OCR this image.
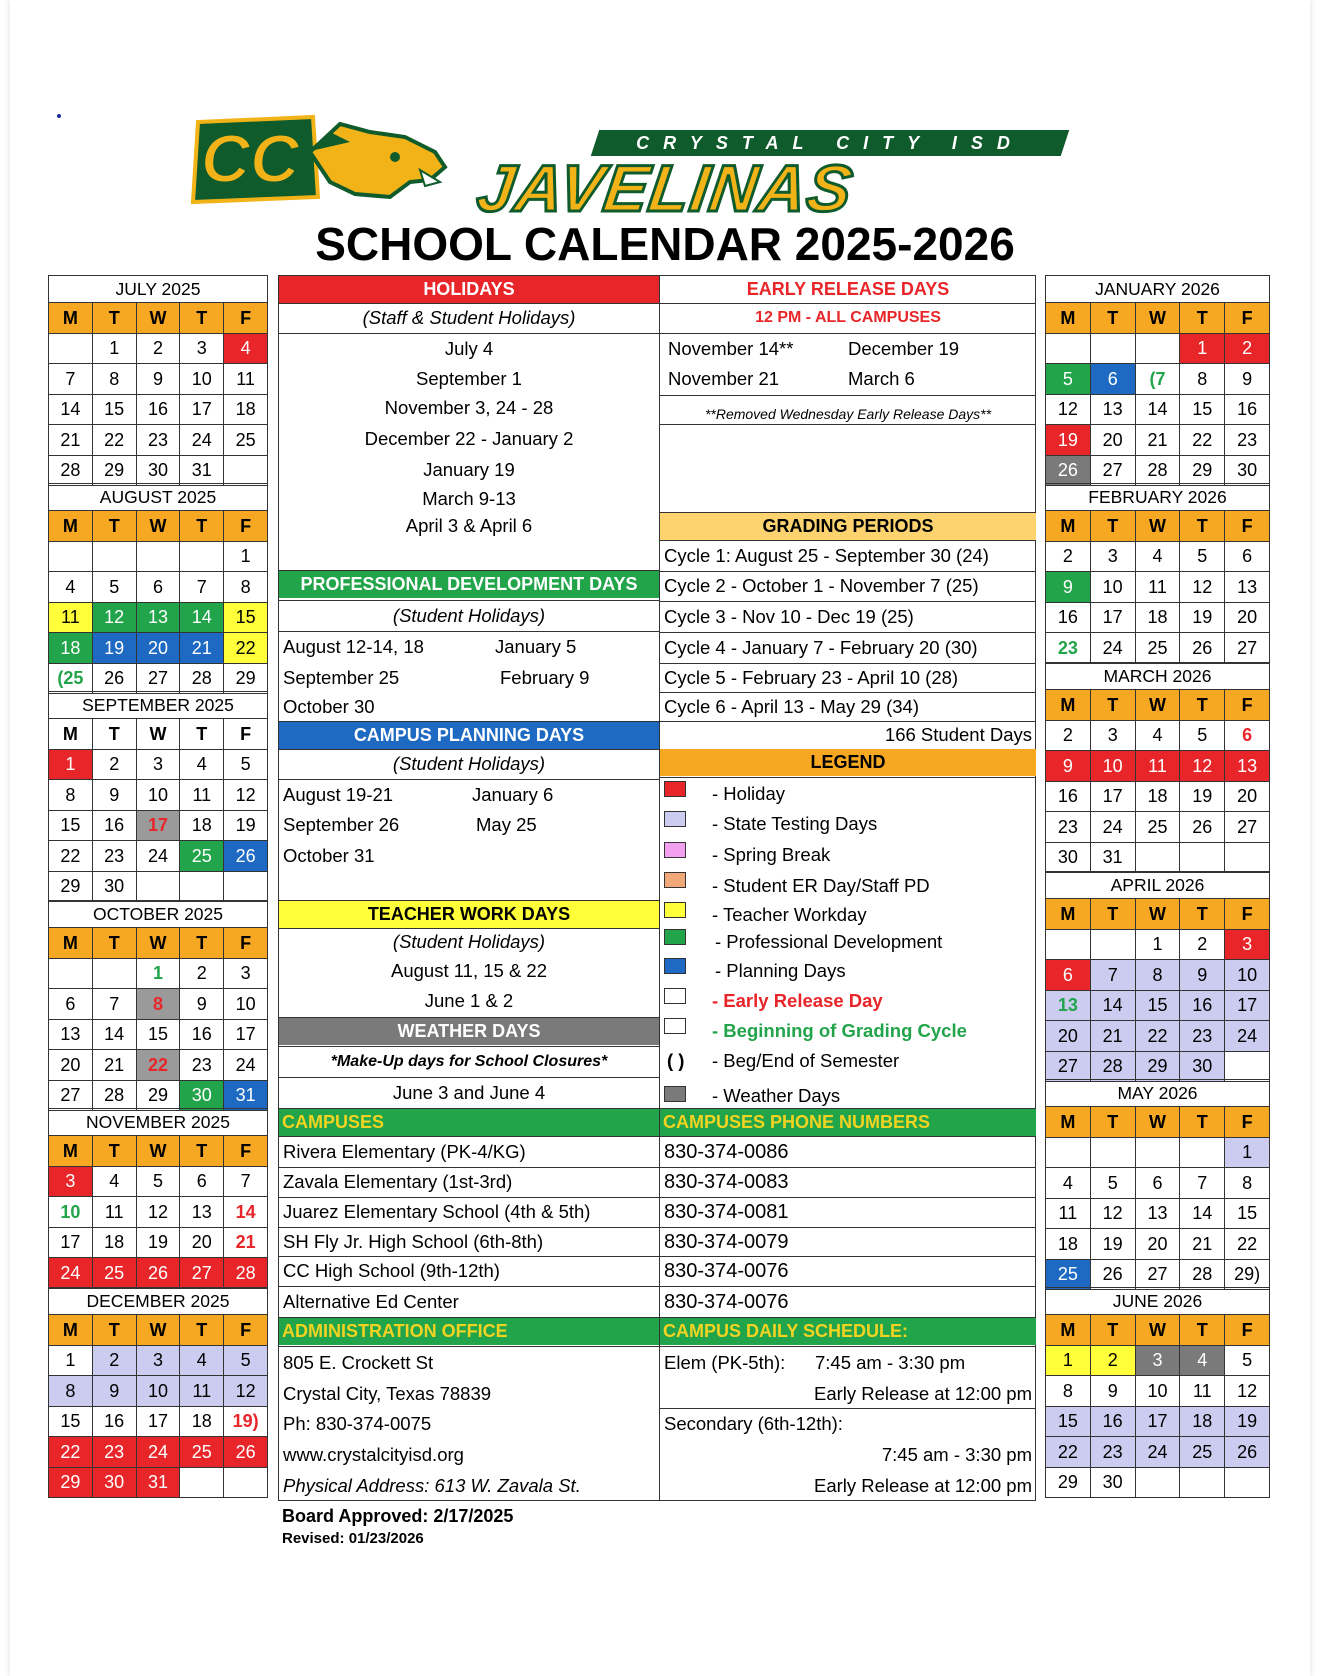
CC	CRYSTAL CITY ISD
JAVELINAS
SCHOOL CALENDAR 2025-2026
JULY 2025				
M	T	W	T	F
	1	2	3	4
7	8	9	10	11
14	15	16	17	18
21	22	23	24	25
28	29	30	31	
AUGUST 2025				
M	T	W	T	F
				1
4	5	6	7	8
11	12	13	14	15
18	19	20	21	22
(25	26	27	28	29
SEPTEMBER 2025				
M	T	W	T	F
1	2	3	4	5
8	9	10	11	12
15	16	17	18	19
22	23	24	25	26
29	30			
OCTOBER 2025				
M	T	W	T	F
		1	2	3
6	7	8	9	10
13	14	15	16	17
20	21	22	23	24
27	28	29	30	31
NOVEMBER 2025				
M	T	W	T	F
3	4	5	6	7
10	11	12	13	14
17	18	19	20	21
24	25	26	27	28
DECEMBER 2025				
M	T	W	T	F
1	2	3	4	5
8	9	10	11	12
15	16	17	18	19)
22	23	24	25	26
29	30	31		
JANUARY 2026				
M	T	W	T	F
			1	2
5	6	(7	8	9
12	13	14	15	16
19	20	21	22	23
26	27	28	29	30
FEBRUARY 2026				
M	T	W	T	F
2	3	4	5	6
9	10	11	12	13
16	17	18	19	20
23	24	25	26	27
MARCH 2026				
M	T	W	T	F
2	3	4	5	6
9	10	11	12	13
16	17	18	19	20
23	24	25	26	27
30	31			
APRIL 2026				
M	T	W	T	F
		1	2	3
6	7	8	9	10
13	14	15	16	17
20	21	22	23	24
27	28	29	30	
MAY 2026				
M	T	W	T	F
				1
4	5	6	7	8
11	12	13	14	15
18	19	20	21	22
25	26	27	28	29)
JUNE 2026				
M	T	W	T	F
1	2	3	4	5
8	9	10	11	12
15	16	17	18	19
22	23	24	25	26
29	30			
HOLIDAYS
(Staff & Student Holidays)
July 4
September 1
November 3, 24 - 28
December 22 - January 2
January 19
March 9-13
April 3 & April 6
EARLY RELEASE DAYS
12 PM - ALL CAMPUSES
November 14**	December 19
November 21	March 6
**Removed Wednesday Early Release Days**
GRADING PERIODS
Cycle 1: August 25 - September 30 (24)
Cycle 2 - October 1 - November 7 (25)
Cycle 3 - Nov 10 - Dec 19 (25)
Cycle 4 - January 7 - February 20 (30)
Cycle 5 - February 23 - April 10 (28)
Cycle 6 - April 13 - May 29 (34)
166 Student Days
PROFESSIONAL DEVELOPMENT DAYS
(Student Holidays)
August 12-14, 18	January 5
September 25	February 9
October 30
CAMPUS PLANNING DAYS
(Student Holidays)
August 19-21	January 6
September 26	May 25
October 31
LEGEND
- Holiday
- State Testing Days
- Spring Break
- Student ER Day/Staff PD
- Teacher Workday
- Professional Development
- Planning Days
- Early Release Day
- Beginning of Grading Cycle
( ) - Beg/End of Semester
- Weather Days
TEACHER WORK DAYS
(Student Holidays)
August 11, 15 & 22
June 1 & 2
WEATHER DAYS
*Make-Up days for School Closures*
June 3 and June 4
CAMPUSES	CAMPUSES PHONE NUMBERS
Rivera Elementary (PK-4/KG)	830-374-0086
Zavala Elementary (1st-3rd)	830-374-0083
Juarez Elementary School (4th & 5th)	830-374-0081
SH Fly Jr. High School (6th-8th)	830-374-0079
CC High School (9th-12th)	830-374-0076
Alternative Ed Center	830-374-0076
ADMINISTRATION OFFICE	CAMPUS DAILY SCHEDULE:
805 E. Crockett St
Crystal City, Texas 78839
Ph: 830-374-0075
www.crystalcityisd.org
Physical Address: 613 W. Zavala St.
Elem (PK-5th): 7:45 am - 3:30 pm
Early Release at 12:00 pm
Secondary (6th-12th):
7:45 am - 3:30 pm
Early Release at 12:00 pm
Board Approved: 2/17/2025
Revised: 01/23/2026
